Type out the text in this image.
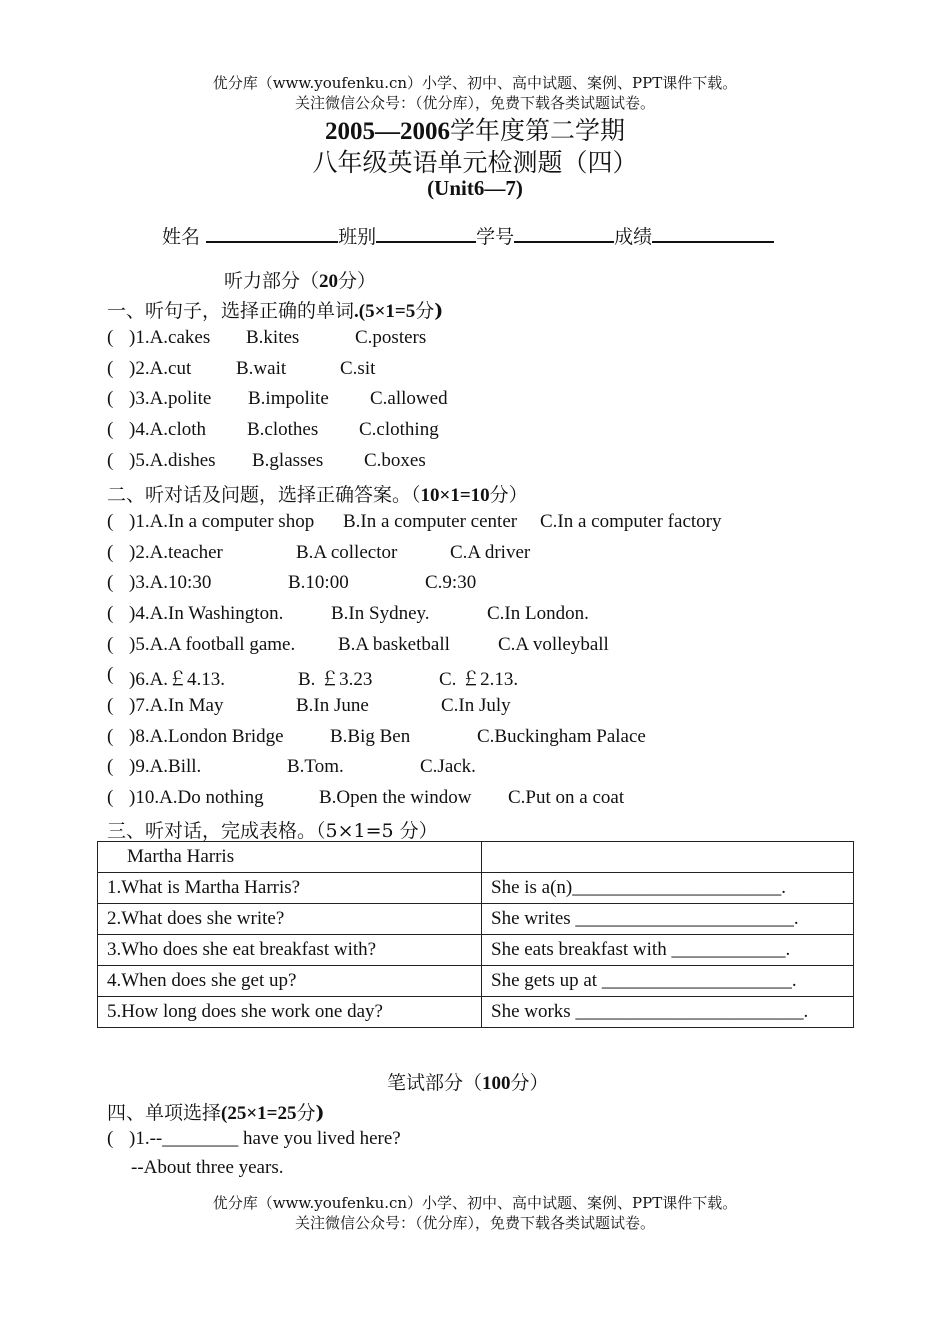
优分库（www.youfenku.cn）小学、初中、高中试题、案例、PPT课件下载。
关注微信公众号：（优分库），免费下载各类试题试卷。
2005—2006学年度第二学期
八年级英语单元检测题（四）
(Unit6—7)
姓名	班别	学号	成绩
听力部分（20分）
一、听句子，选择正确的单词.(5×1=5分)
( )1.A.cakes B.kites	C.posters
( )2.A.cut B.wait	C.sit
( )3.A.polite B.impolite C.allowed
( )4.A.cloth B.clothes C.clothing
( )5.A.dishes B.glasses C.boxes
二、听对话及问题，选择正确答案。（10×1=10分）
( )1.A.In a computer shop B.In a computer center C.In a computer factory
( )2.A.teacher	B.A collector	C.A driver
( )3.A.10:30	B.10:00	C.9:30
( )4.A.In Washington.	B.In Sydney.	C.In London.
( )5.A.A football game. B.A basketball	C.A volleyball
( )6.A.￡4.13.	B. ￡3.23	C. ￡2.13.
( )7.A.In May	B.In June	C.In July
( )8.A.London Bridge B.Big Ben	C.Buckingham Palace
( )9.A.Bill.	B.Tom.	C.Jack.
( )10.A.Do nothing	B.Open the window C.Put on a coat
三、听对话，完成表格。（5×1=5 分）
Martha Harris	
1.What is Martha Harris?	She is a(n)______________________.
2.What does she write?	She writes _______________________.
3.Who does she eat breakfast with?	She eats breakfast with ____________.
4.When does she get up?	She gets up at ____________________.
5.How long does she work one day?	She works ________________________.
笔试部分（100分）
四、单项选择(25×1=25分)
( )1.--________ have you lived here?
--About three years.
优分库（www.youfenku.cn）小学、初中、高中试题、案例、PPT课件下载。
关注微信公众号：（优分库），免费下载各类试题试卷。
